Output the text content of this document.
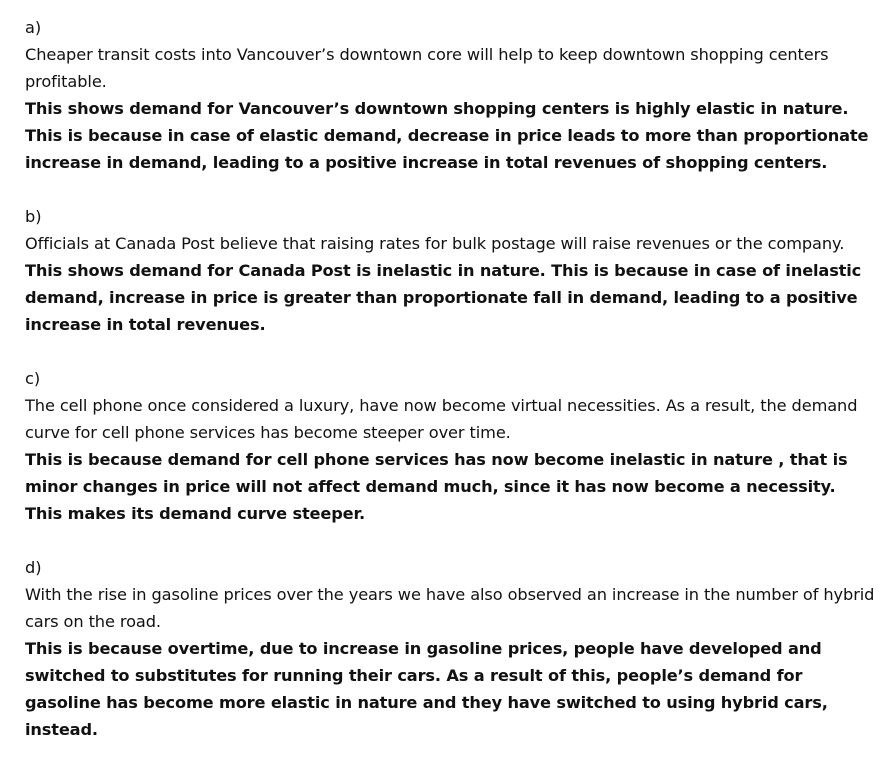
a)

Cheaper transit costs into Vancouver’s downtown core will help to keep downtown shopping centers profitable.

This shows demand for Vancouver’s downtown shopping centers is highly elastic in nature. This is because in case of elastic demand, decrease in price leads to more than proportionate increase in demand, leading to a positive increase in total revenues of shopping centers.

b)

Officials at Canada Post believe that raising rates for bulk postage will raise revenues or the company.

This shows demand for Canada Post is inelastic in nature. This is because in case of inelastic demand, increase in price is greater than proportionate fall in demand, leading to a positive increase in total revenues.

c)

The cell phone once considered a luxury, have now become virtual necessities. As a result, the demand curve for cell phone services has become steeper over time.

This is because demand for cell phone services has now become inelastic in nature , that is minor changes in price will not affect demand much, since it has now become a necessity. This makes its demand curve steeper.

d)

With the rise in gasoline prices over the years we have also observed an increase in the number of hybrid cars on the road.

This is because overtime, due to increase in gasoline prices, people have developed and switched to substitutes for running their cars. As a result of this, people’s demand for gasoline has become more elastic in nature and they have switched to using hybrid cars, instead.
